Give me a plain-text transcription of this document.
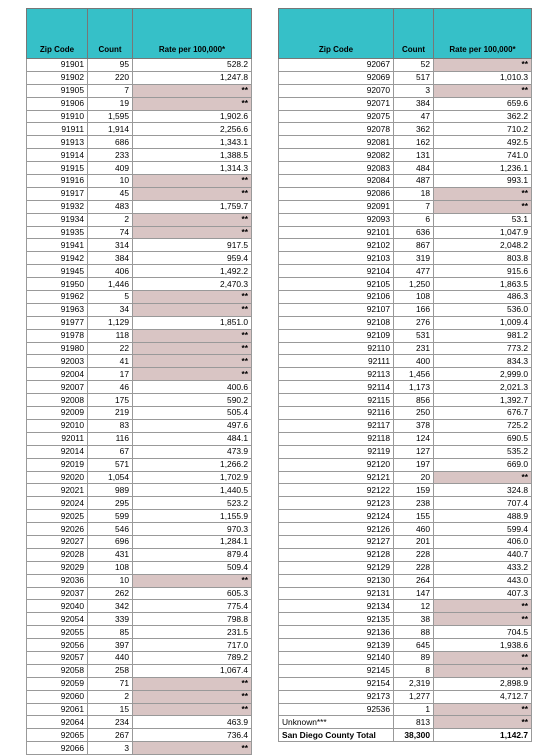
Zip Code	Count	Rate per 100,000*
91901	95	528.2
91902	220	1,247.8
91905	7	**
91906	19	**
91910	1,595	1,902.6
91911	1,914	2,256.6
91913	686	1,343.1
91914	233	1,388.5
91915	409	1,314.3
91916	10	**
91917	45	**
91932	483	1,759.7
91934	2	**
91935	74	**
91941	314	917.5
91942	384	959.4
91945	406	1,492.2
91950	1,446	2,470.3
91962	5	**
91963	34	**
91977	1,129	1,851.0
91978	118	**
91980	22	**
92003	41	**
92004	17	**
92007	46	400.6
92008	175	590.2
92009	219	505.4
92010	83	497.6
92011	116	484.1
92014	67	473.9
92019	571	1,266.2
92020	1,054	1,702.9
92021	989	1,440.5
92024	295	523.2
92025	599	1,155.9
92026	546	970.3
92027	696	1,284.1
92028	431	879.4
92029	108	509.4
92036	10	**
92037	262	605.3
92040	342	775.4
92054	339	798.8
92055	85	231.5
92056	397	717.0
92057	440	789.2
92058	258	1,067.4
92059	71	**
92060	2	**
92061	15	**
92064	234	463.9
92065	267	736.4
92066	3	**
Zip Code	Count	Rate per 100,000*
92067	52	**
92069	517	1,010.3
92070	3	**
92071	384	659.6
92075	47	362.2
92078	362	710.2
92081	162	492.5
92082	131	741.0
92083	484	1,236.1
92084	487	993.1
92086	18	**
92091	7	**
92093	6	53.1
92101	636	1,047.9
92102	867	2,048.2
92103	319	803.8
92104	477	915.6
92105	1,250	1,863.5
92106	108	486.3
92107	166	536.0
92108	276	1,009.4
92109	531	981.2
92110	231	773.2
92111	400	834.3
92113	1,456	2,999.0
92114	1,173	2,021.3
92115	856	1,392.7
92116	250	676.7
92117	378	725.2
92118	124	690.5
92119	127	535.2
92120	197	669.0
92121	20	**
92122	159	324.8
92123	238	707.4
92124	155	488.9
92126	460	599.4
92127	201	406.0
92128	228	440.7
92129	228	433.2
92130	264	443.0
92131	147	407.3
92134	12	**
92135	38	**
92136	88	704.5
92139	645	1,938.6
92140	89	**
92145	8	**
92154	2,319	2,898.9
92173	1,277	4,712.7
92536	1	**
Unknown***	813	**
San Diego County Total	38,300	1,142.7
